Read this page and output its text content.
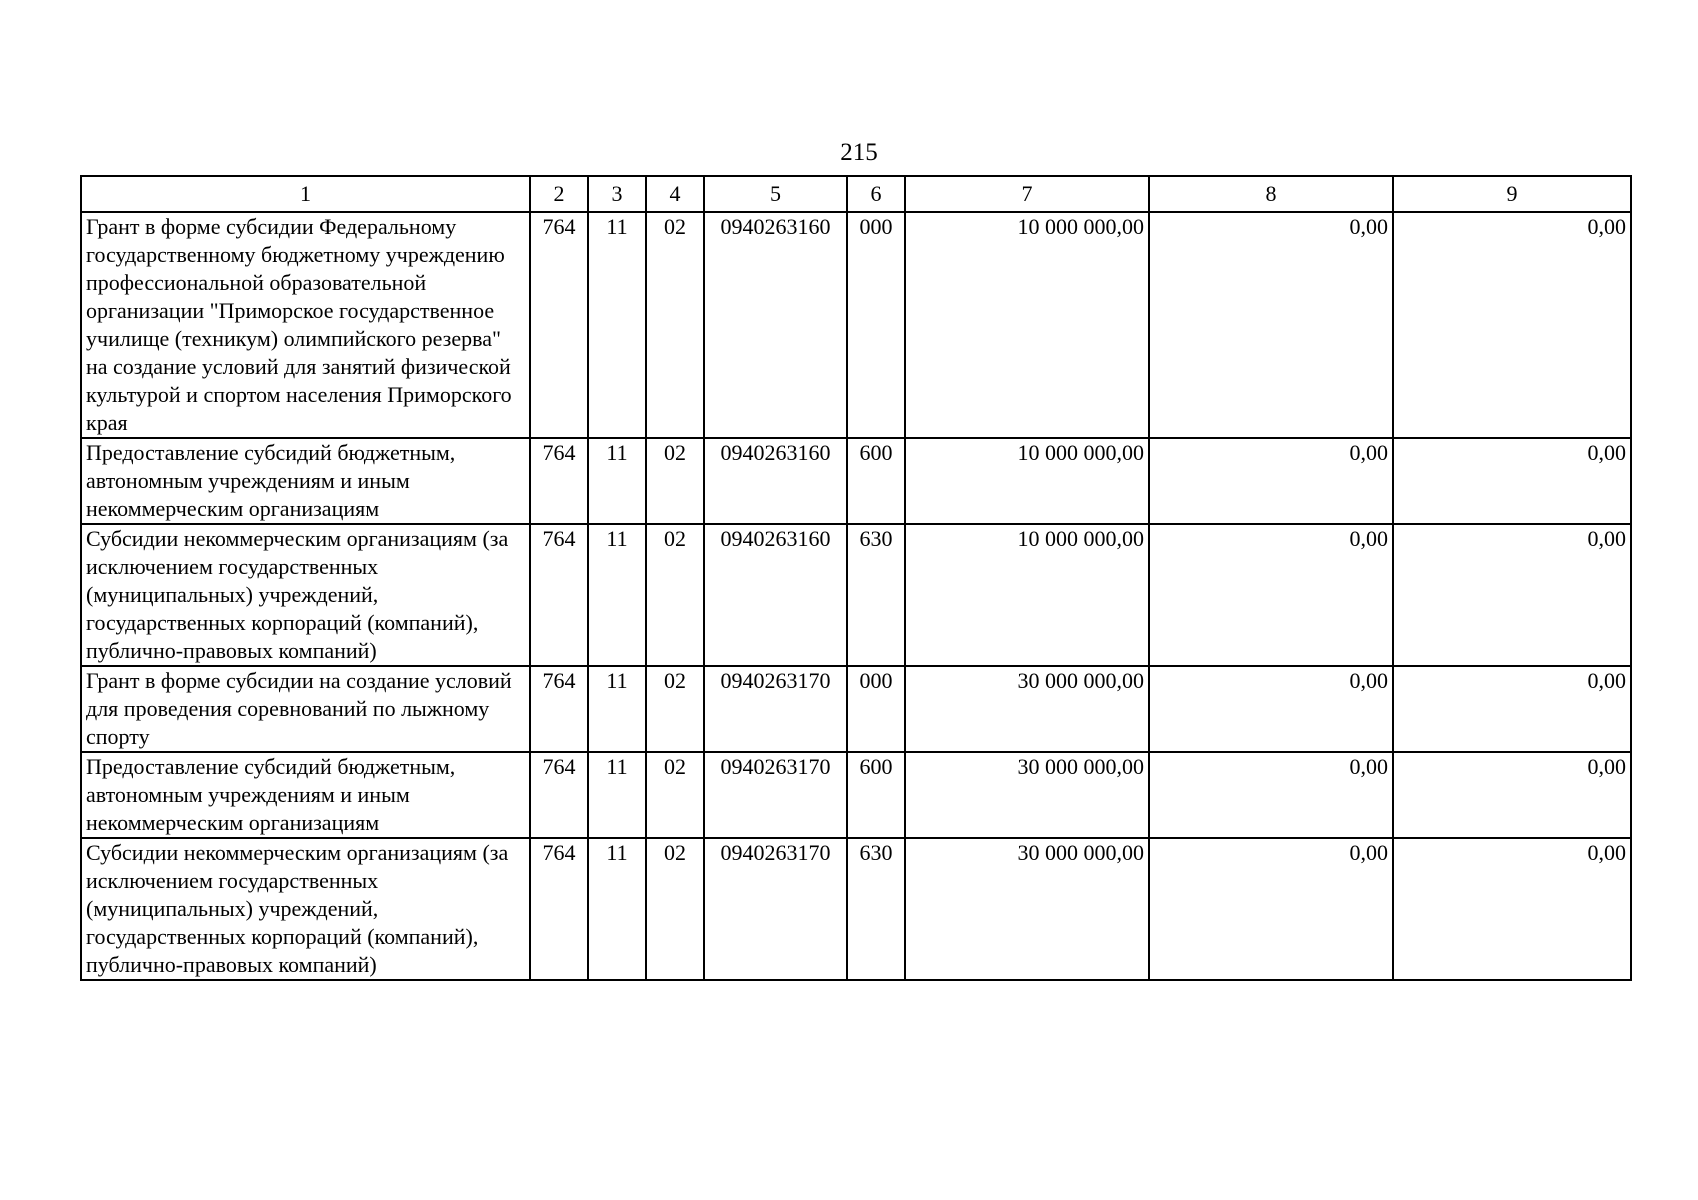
215
1	2	3	4	5	6	7	8	9
Грант в форме субсидии Федеральному государственному бюджетному учреждению профессиональной образовательной организации "Приморское государственное училище (техникум) олимпийского резерва" на создание условий для занятий физической культурой и спортом населения Приморского края	764	11	02	0940263160	000	10 000 000,00	0,00	0,00
Предоставление субсидий бюджетным, автономным учреждениям и иным некоммерческим организациям	764	11	02	0940263160	600	10 000 000,00	0,00	0,00
Субсидии некоммерческим организациям (за исключением государственных (муниципальных) учреждений, государственных корпораций (компаний), публично-правовых компаний)	764	11	02	0940263160	630	10 000 000,00	0,00	0,00
Грант в форме субсидии на создание условий для проведения соревнований по лыжному спорту	764	11	02	0940263170	000	30 000 000,00	0,00	0,00
Предоставление субсидий бюджетным, автономным учреждениям и иным некоммерческим организациям	764	11	02	0940263170	600	30 000 000,00	0,00	0,00
Субсидии некоммерческим организациям (за исключением государственных (муниципальных) учреждений, государственных корпораций (компаний), публично-правовых компаний)	764	11	02	0940263170	630	30 000 000,00	0,00	0,00
